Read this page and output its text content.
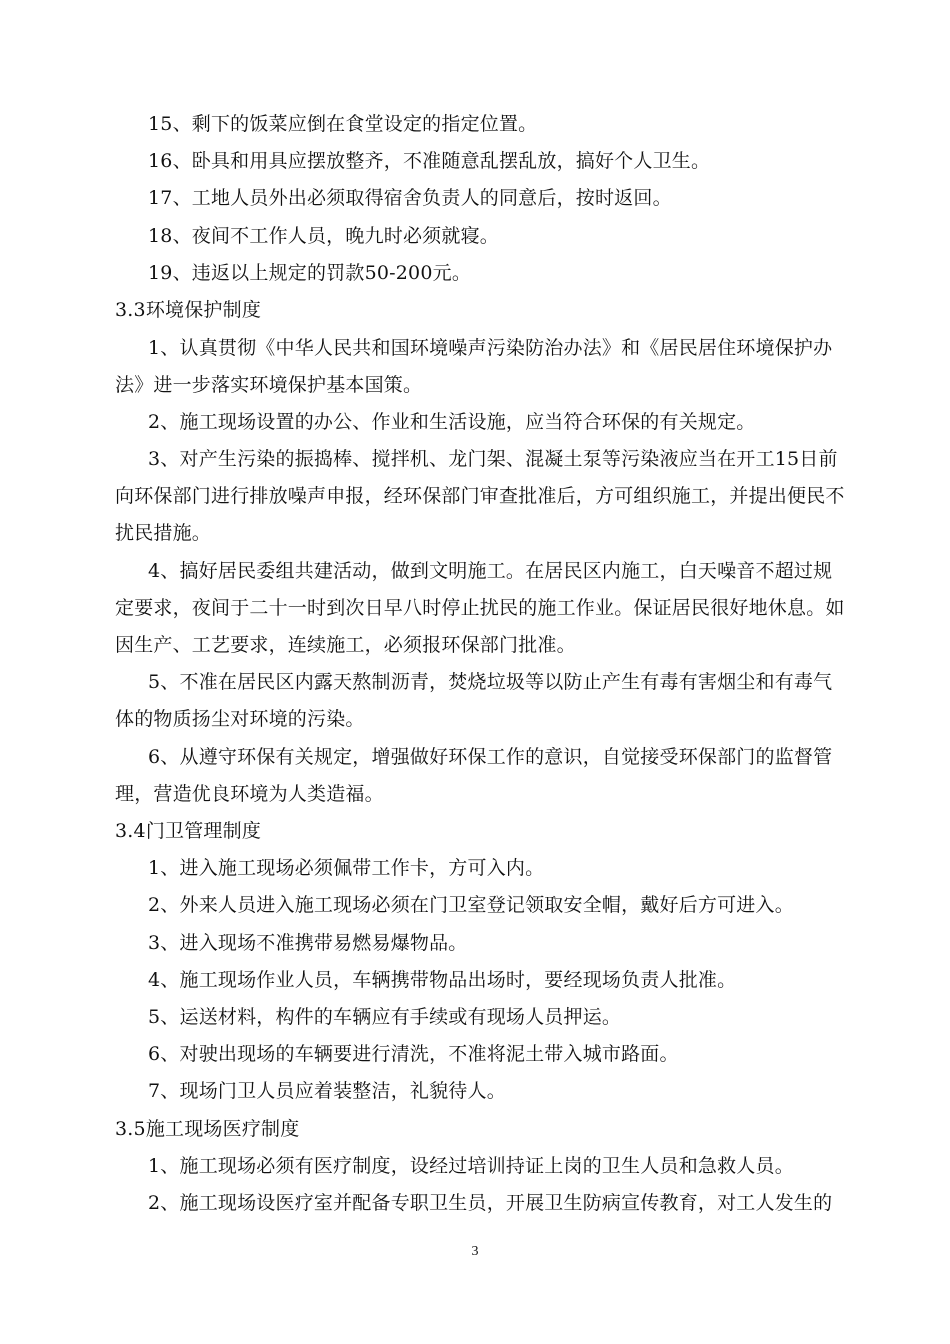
15、剩下的饭菜应倒在食堂设定的指定位置。
16、卧具和用具应摆放整齐，不准随意乱摆乱放，搞好个人卫生。
17、工地人员外出必须取得宿舍负责人的同意后，按时返回。
18、夜间不工作人员，晚九时必须就寝。
19、违返以上规定的罚款50-200元。
3.3环境保护制度
1、认真贯彻《中华人民共和国环境噪声污染防治办法》和《居民居住环境保护办
法》进一步落实环境保护基本国策。
2、施工现场设置的办公、作业和生活设施，应当符合环保的有关规定。
3、对产生污染的振捣棒、搅拌机、龙门架、混凝土泵等污染液应当在开工15日前
向环保部门进行排放噪声申报，经环保部门审查批准后，方可组织施工，并提出便民不
扰民措施。
4、搞好居民委组共建活动，做到文明施工。在居民区内施工，白天噪音不超过规
定要求，夜间于二十一时到次日早八时停止扰民的施工作业。保证居民很好地休息。如
因生产、工艺要求，连续施工，必须报环保部门批准。
5、不准在居民区内露天熬制沥青，焚烧垃圾等以防止产生有毒有害烟尘和有毒气
体的物质扬尘对环境的污染。
6、从遵守环保有关规定，增强做好环保工作的意识，自觉接受环保部门的监督管
理，营造优良环境为人类造福。
3.4门卫管理制度
1、进入施工现场必须佩带工作卡，方可入内。
2、外来人员进入施工现场必须在门卫室登记领取安全帽，戴好后方可进入。
3、进入现场不准携带易燃易爆物品。
4、施工现场作业人员，车辆携带物品出场时，要经现场负责人批准。
5、运送材料，构件的车辆应有手续或有现场人员押运。
6、对驶出现场的车辆要进行清洗，不准将泥土带入城市路面。
7、现场门卫人员应着装整洁，礼貌待人。
3.5施工现场医疗制度
1、施工现场必须有医疗制度，设经过培训持证上岗的卫生人员和急救人员。
2、施工现场设医疗室并配备专职卫生员，开展卫生防病宣传教育，对工人发生的
3
